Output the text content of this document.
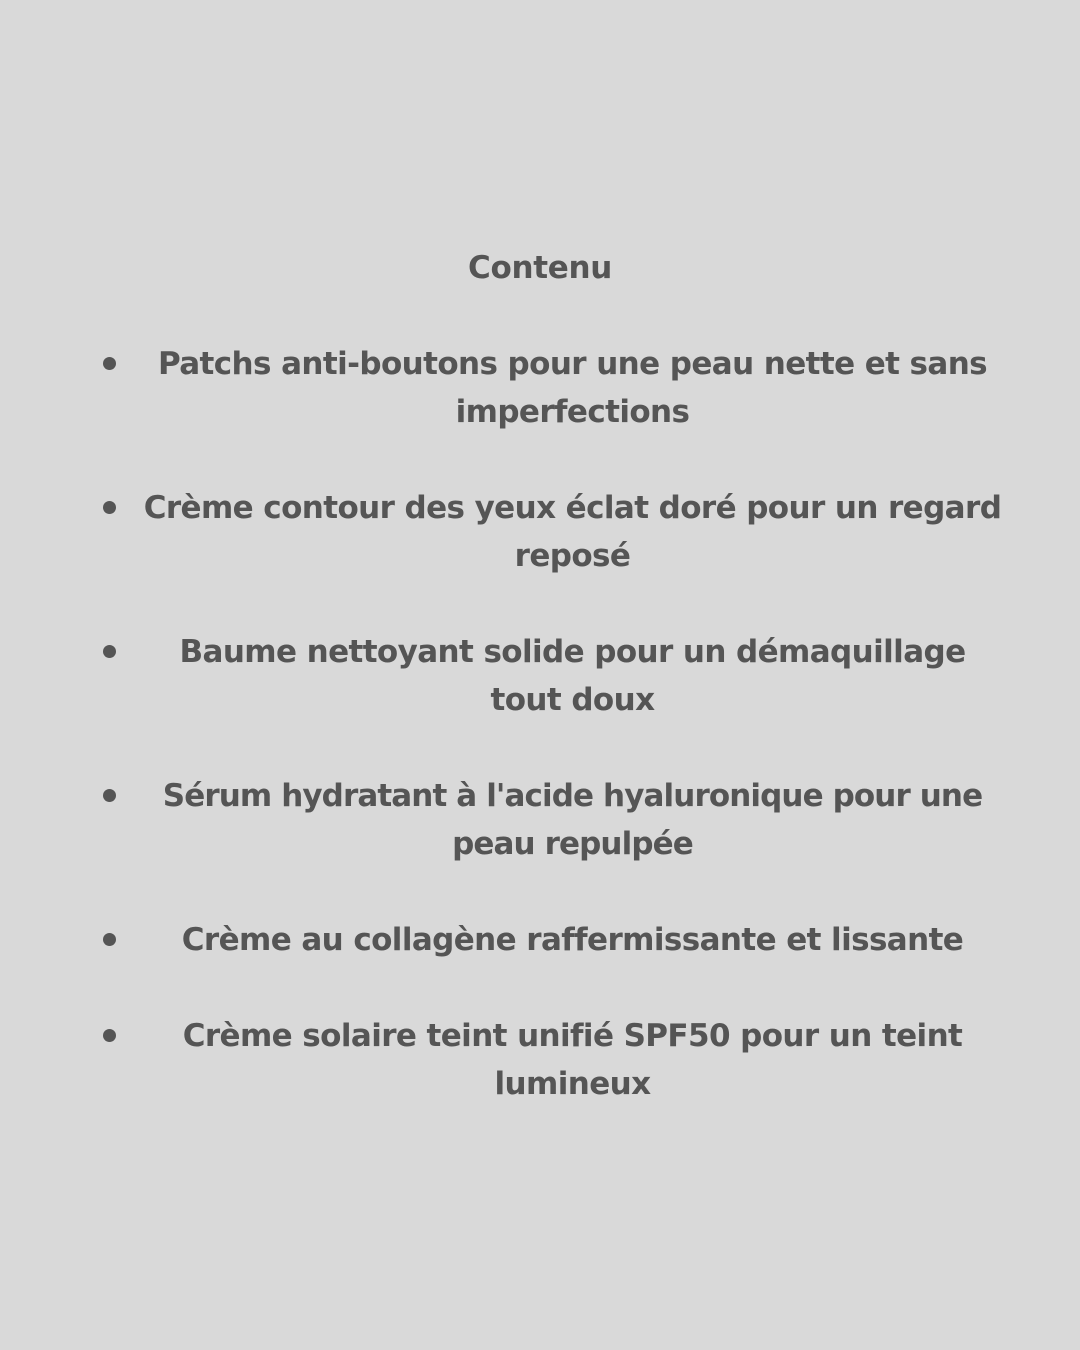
Contenu
Patchs anti-boutons pour une peau nette et sans imperfections
Crème contour des yeux éclat doré pour un regard reposé
Baume nettoyant solide pour un démaquillage tout doux
Sérum hydratant à l'acide hyaluronique pour une peau repulpée
Crème au collagène raffermissante et lissante
Crème solaire teint unifié SPF50 pour un teint lumineux
